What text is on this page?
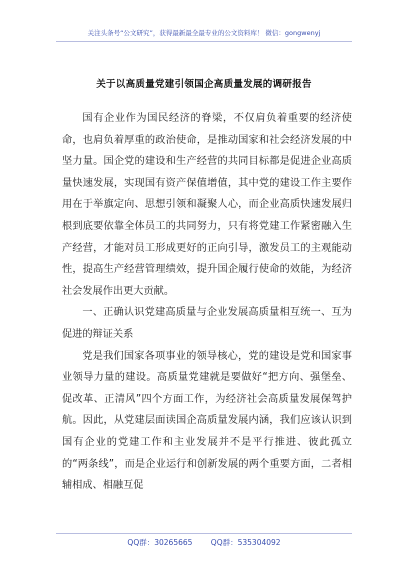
关注头条号“公文研究”，获得最新最全最专业的公文资料库！ 微信：gongwenyj
关于以高质量党建引领国企高质量发展的调研报告

国有企业作为国民经济的脊梁，不仅肩负着重要的经济使命，也肩负着厚重的政治使命，是推动国家和社会经济发展的中坚力量。国企党的建设和生产经营的共同目标都是促进企业高质量快速发展，实现国有资产保值增值，其中党的建设工作主要作用在于举旗定向、思想引领和凝聚人心，而企业高质快速发展归根到底要依靠全体员工的共同努力，只有将党建工作紧密融入生产经营，才能对员工形成更好的正向引导，激发员工的主观能动性，提高生产经营管理绩效，提升国企履行使命的效能，为经济社会发展作出更大贡献。

一、正确认识党建高质量与企业发展高质量相互统一、互为促进的辩证关系

党是我们国家各项事业的领导核心，党的建设是党和国家事业领导力量的建设。高质量党建就是要做好“把方向、强堡垒、促改革、正清风”四个方面工作，为经济社会高质量发展保驾护航。因此，从党建层面读国企高质量发展内涵，我们应该认识到国有企业的党建工作和主业发展并不是平行推进、彼此孤立的“两条线”，而是企业运行和创新发展的两个重要方面，二者相辅相成、相融互促

QQ群：30265665 QQ群：535304092
